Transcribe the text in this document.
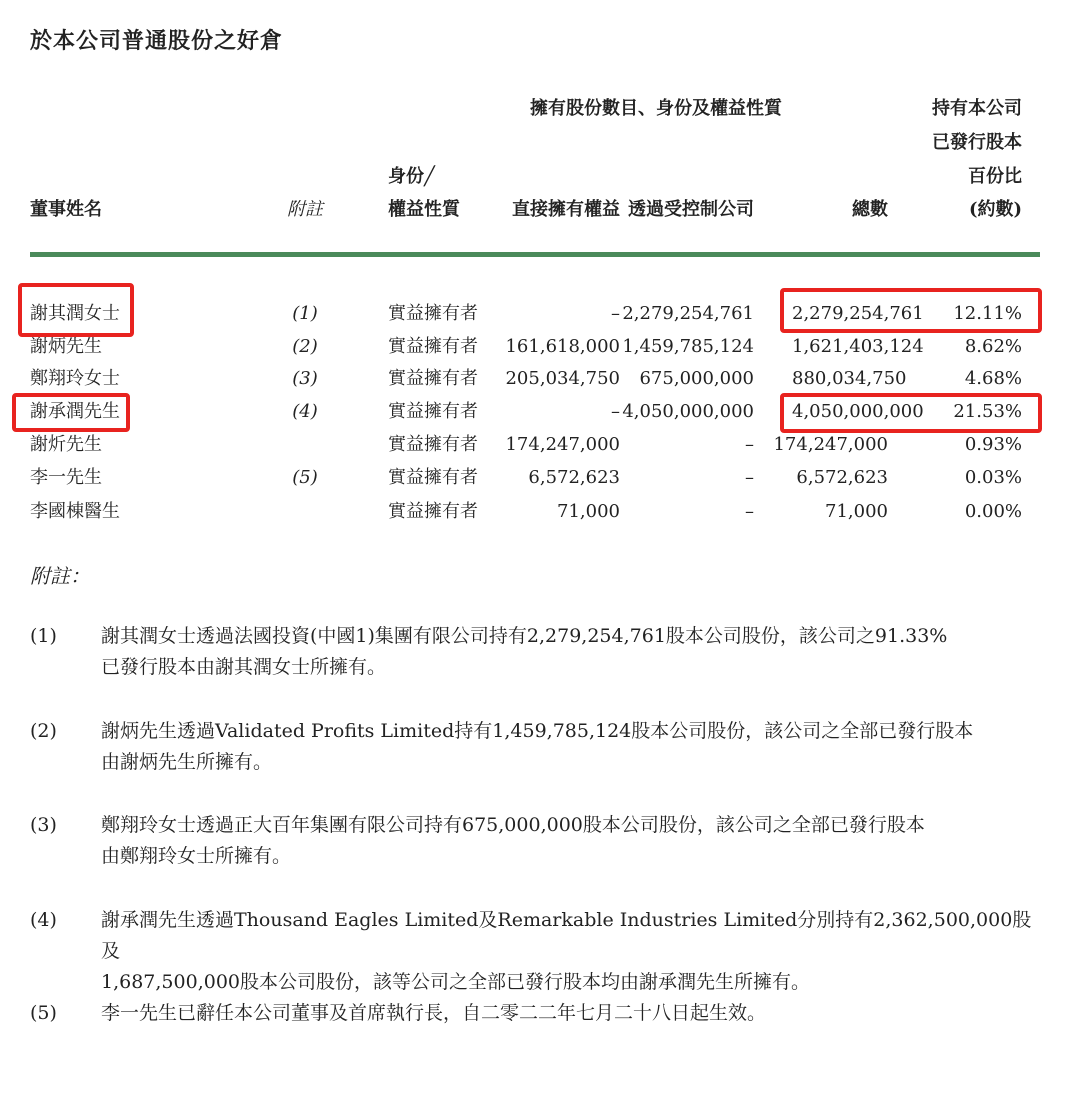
於本公司普通股份之好倉
擁有股份數目、身份及權益性質	持有本公司
已發行股本
身份╱	百份比
董事姓名	附註	權益性質	直接擁有權益 透過受控制公司	總數	(約數)
謝其潤女士	(1)	實益擁有者	– 2,279,254,761 2,279,254,761	12.11%
謝炳先生	(2)	實益擁有者	161,618,000 1,459,785,124 1,621,403,124	8.62%
鄭翔玲女士	(3)	實益擁有者	205,034,750	675,000,000 880,034,750	4.68%
謝承潤先生	(4)	實益擁有者	– 4,050,000,000 4,050,000,000	21.53%
謝炘先生	實益擁有者	174,247,000	–	174,247,000	0.93%
李一先生	(5)	實益擁有者	6,572,623	–	6,572,623	0.03%
李國棟醫生	實益擁有者	71,000	–	71,000	0.00%
附註：
(1) 謝其潤女士透過法國投資(中國1)集團有限公司持有2,279,254,761股本公司股份，該公司之91.33%
已發行股本由謝其潤女士所擁有。
(2) 謝炳先生透過Validated Profits Limited持有1,459,785,124股本公司股份，該公司之全部已發行股本
由謝炳先生所擁有。
(3) 鄭翔玲女士透過正大百年集團有限公司持有675,000,000股本公司股份，該公司之全部已發行股本
由鄭翔玲女士所擁有。
(4) 謝承潤先生透過Thousand Eagles Limited及Remarkable Industries Limited分別持有2,362,500,000股及
1,687,500,000股本公司股份，該等公司之全部已發行股本均由謝承潤先生所擁有。
(5) 李一先生已辭任本公司董事及首席執行長，自二零二二年七月二十八日起生效。
